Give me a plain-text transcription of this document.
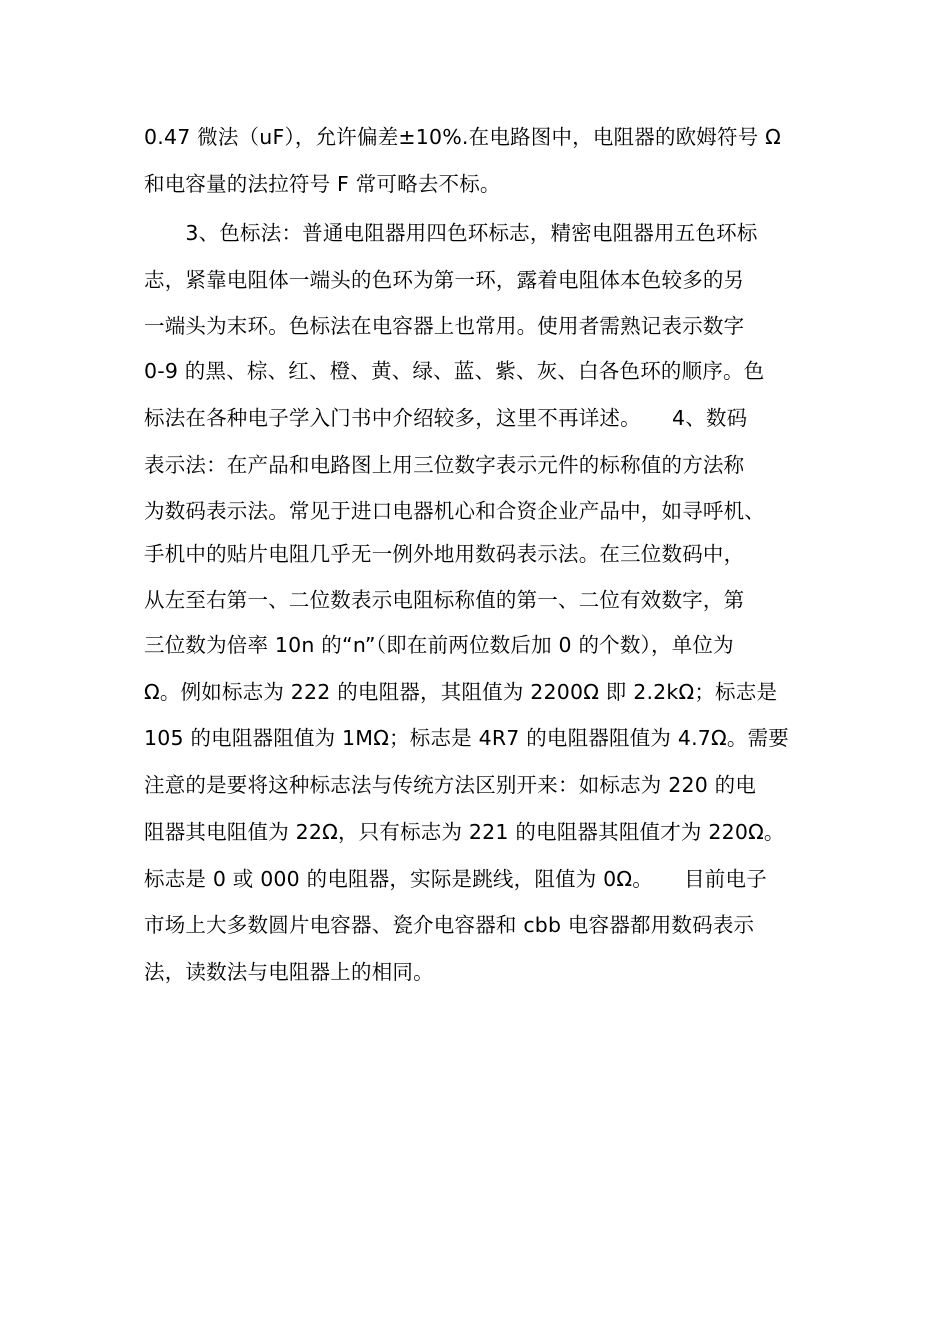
0.47 微法（uF），允许偏差±10%.在电路图中，电阻器的欧姆符号 Ω
和电容量的法拉符号 F 常可略去不标。
　　3、色标法：普通电阻器用四色环标志，精密电阻器用五色环标
志，紧靠电阻体一端头的色环为第一环，露着电阻体本色较多的另
一端头为末环。色标法在电容器上也常用。使用者需熟记表示数字
0-9 的黑、棕、红、橙、黄、绿、蓝、紫、灰、白各色环的顺序。色
标法在各种电子学入门书中介绍较多，这里不再详述。　　4、数码
表示法：在产品和电路图上用三位数字表示元件的标称值的方法称
为数码表示法。常见于进口电器机心和合资企业产品中，如寻呼机、
手机中的贴片电阻几乎无一例外地用数码表示法。在三位数码中，
从左至右第一、二位数表示电阻标称值的第一、二位有效数字，第
三位数为倍率 10n 的“n”（即在前两位数后加 0 的个数），单位为
Ω。例如标志为 222 的电阻器，其阻值为 2200Ω 即 2.2kΩ；标志是
105 的电阻器阻值为 1MΩ；标志是 4R7 的电阻器阻值为 4.7Ω。需要
注意的是要将这种标志法与传统方法区别开来：如标志为 220 的电
阻器其电阻值为 22Ω，只有标志为 221 的电阻器其阻值才为 220Ω。
标志是 0 或 000 的电阻器，实际是跳线，阻值为 0Ω。　　目前电子
市场上大多数圆片电容器、瓷介电容器和 cbb 电容器都用数码表示
法，读数法与电阻器上的相同。
